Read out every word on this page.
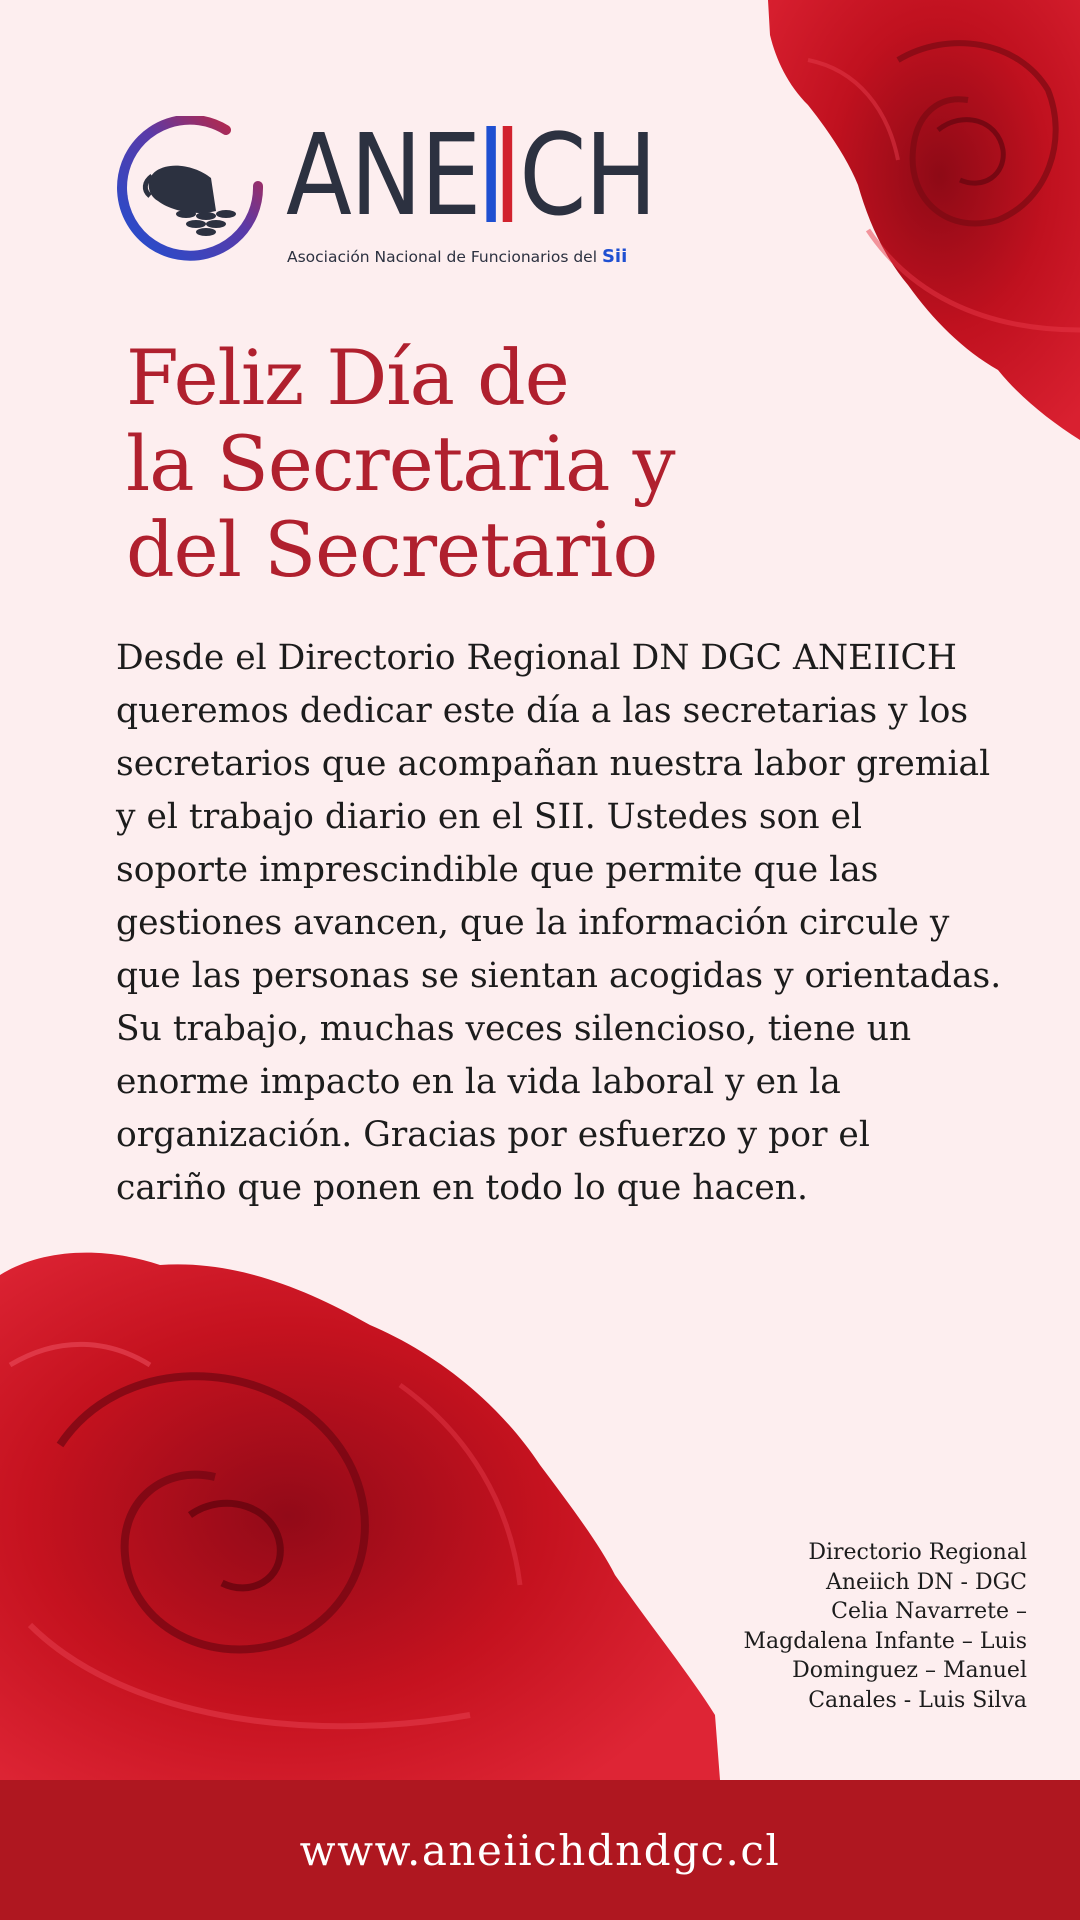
ANE CH
Asociación Nacional de Funcionarios del Sii
Feliz Día de
la Secretaria y
del Secretario

Desde el Directorio Regional DN DGC ANEIICH
queremos dedicar este día a las secretarias y los
secretarios que acompañan nuestra labor gremial
y el trabajo diario en el SII. Ustedes son el
soporte imprescindible que permite que las
gestiones avancen, que la información circule y
que las personas se sientan acogidas y orientadas.
Su trabajo, muchas veces silencioso, tiene un
enorme impacto en la vida laboral y en la
organización. Gracias por esfuerzo y por el
cariño que ponen en todo lo que hacen.

Directorio Regional
Aneiich DN - DGC
Celia Navarrete –
Magdalena Infante – Luis
Dominguez – Manuel
Canales - Luis Silva
www.aneiichdndgc.cl
